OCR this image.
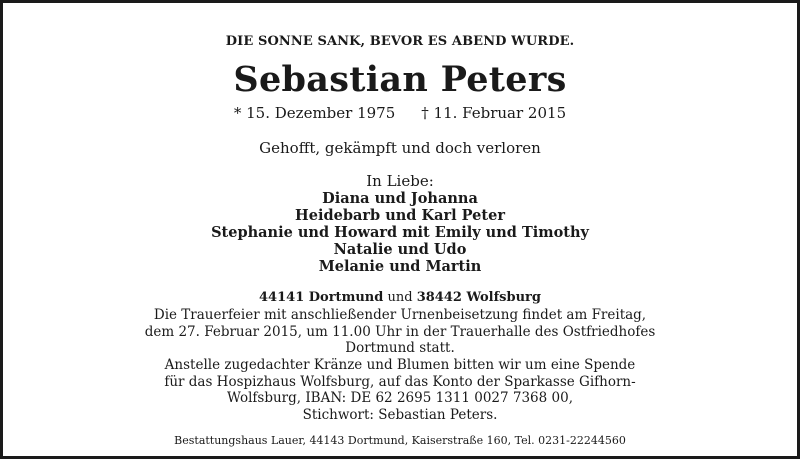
DIE SONNE SANK, BEVOR ES ABEND WURDE.
Sebastian Peters
* 15. Dezember 1975 † 11. Februar 2015
Gehofft, gekämpft und doch verloren
In Liebe:
Diana und Johanna
Heidebarb und Karl Peter
Stephanie und Howard mit Emily und Timothy
Natalie und Udo
Melanie und Martin
44141 Dortmund und 38442 Wolfsburg
Die Trauerfeier mit anschließender Urnenbeisetzung findet am Freitag,
dem 27. Februar 2015, um 11.00 Uhr in der Trauerhalle des Ostfriedhofes
Dortmund statt.
Anstelle zugedachter Kränze und Blumen bitten wir um eine Spende
für das Hospizhaus Wolfsburg, auf das Konto der Sparkasse Gifhorn-
Wolfsburg, IBAN: DE 62 2695 1311 0027 7368 00,
Stichwort: Sebastian Peters.
Bestattungshaus Lauer, 44143 Dortmund, Kaiserstraße 160, Tel. 0231-22244560
